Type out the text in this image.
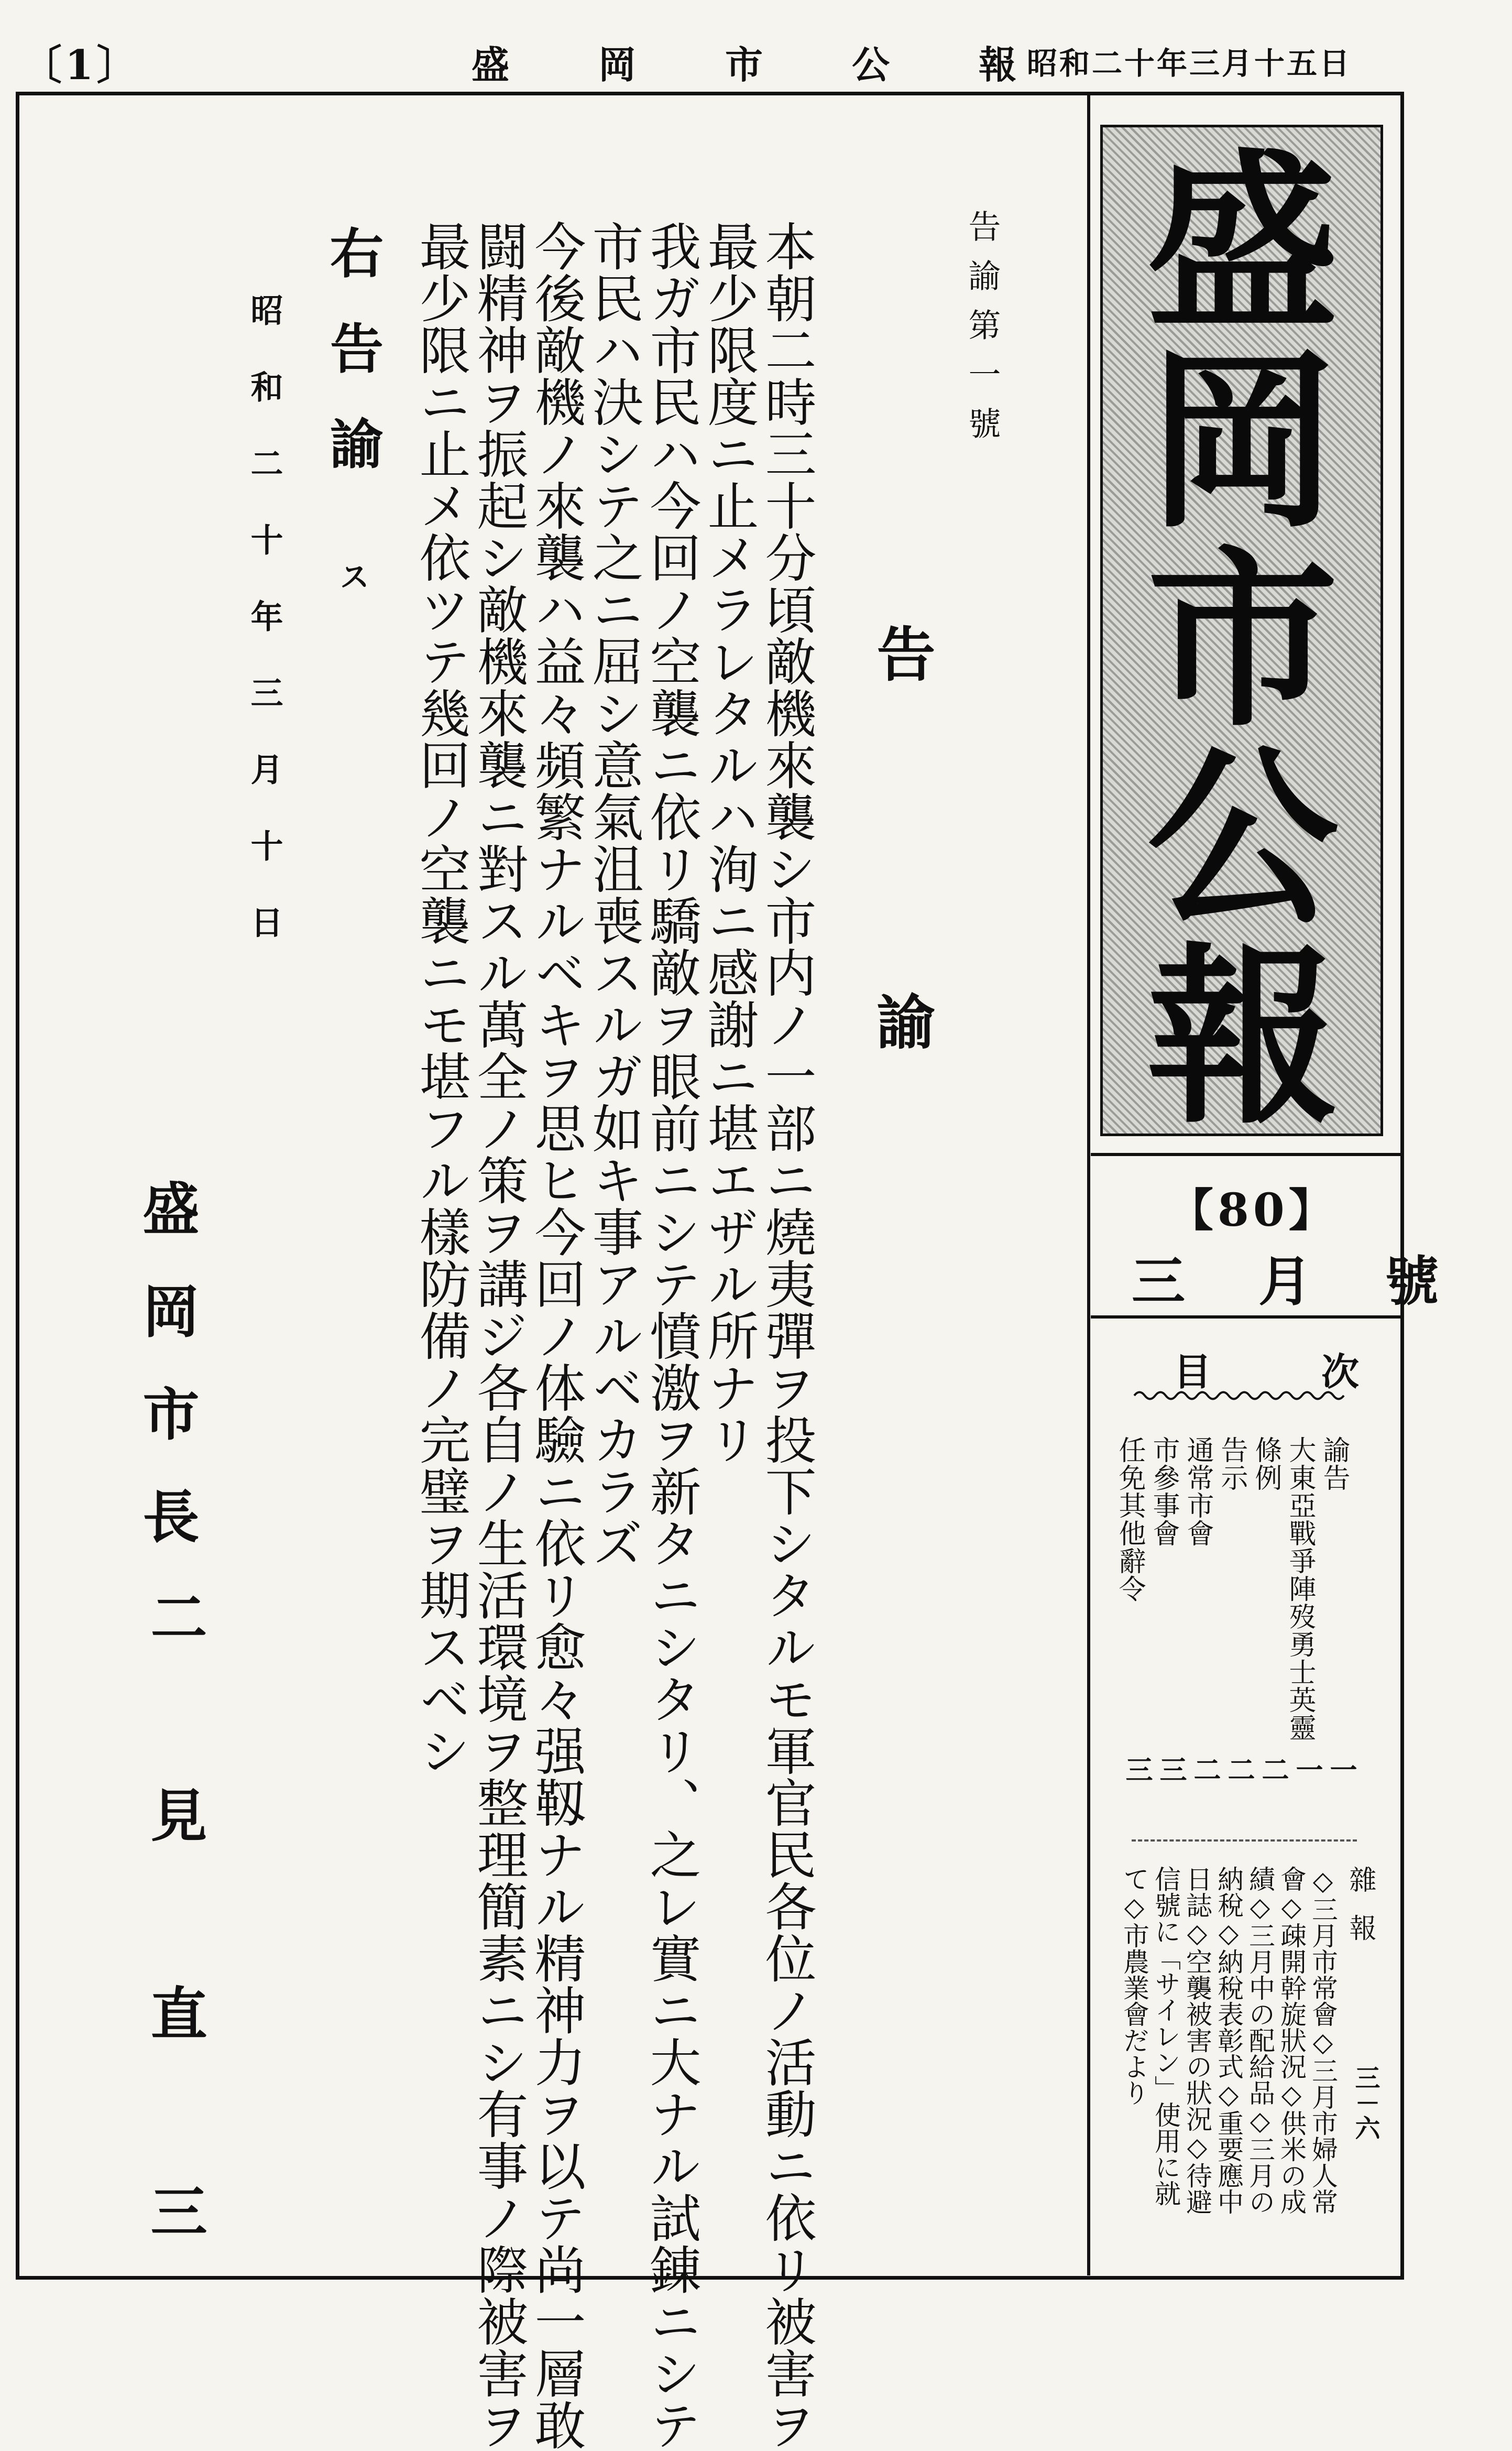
〔1〕	盛岡市公報
昭和二十年三月十五日
盛岡市公報
【80】
三月號
目次
諭告
一
大東亞戰爭陣歿勇士英靈
一
條例
二
告示
二
通常市會
二
市參事會
三
任免其他辭令
三
雜報
三－六
◇三月市常會◇三月市婦人常
會◇疎開幹旋狀況◇供米の成
績◇三月中の配給品◇三月の
納稅◇納稅表彰式◇重要應中
日誌◇空襲被害の狀況◇待避
信號に「サイレン」使用に就
て◇市農業會だより
告諭第一號
告諭
本朝二時三十分頃敵機來襲シ市内ノ一部ニ燒夷彈ヲ投下シタルモ軍官民各位ノ活動ニ依リ被害ヲ
最少限度ニ止メラレタルハ洵ニ感謝ニ堪エザル所ナリ
我ガ市民ハ今回ノ空襲ニ依リ驕敵ヲ眼前ニシテ憤激ヲ新タニシタリ、之レ實ニ大ナル試錬ニシテ
市民ハ決シテ之ニ屈シ意氣沮喪スルガ如キ事アルベカラズ
今後敵機ノ來襲ハ益々頻繁ナルベキヲ思ヒ今回ノ体驗ニ依リ愈々强靱ナル精神力ヲ以テ尚一層敢
闘精神ヲ振起シ敵機來襲ニ對スル萬全ノ策ヲ講ジ各自ノ生活環境ヲ整理簡素ニシ有事ノ際被害ヲ
最少限ニ止メ依ツテ幾回ノ空襲ニモ堪フル樣防備ノ完璧ヲ期スベシ
右告諭
ス
昭和二十年三月十日
盛岡市長
二見直三
